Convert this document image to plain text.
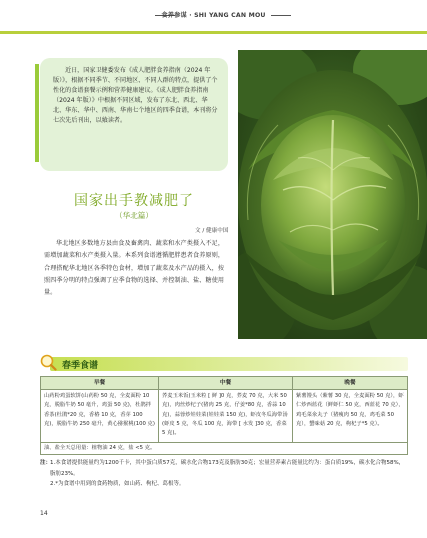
食养参谋 · SHI YANG CAN MOU

近日，国家卫健委发布《成人肥胖食养指南（2024 年版）》，根据不同季节、不同地区、不同人群的特点，提供了个性化的食谱套餐示例和营养健康建议。《成人肥胖食养指南（2024 年版）》中根据不同区域，发布了东北、西北、华北、华东、华中、西南、华南七个地区的四季食谱，本刊将分七次先后刊出，以飨读者。

国家出手教减肥了
（华北篇）
文 / 健康中国

华北地区多数地方县由食及畜禽肉、蔬菜和水产类摄入不足，需增加蔬菜和水产类摄入量。本系列食谱遵循肥胖患者食养原则，合理搭配华北地区各季特色食材，增加了蔬菜及水产品的摄入，按照四季分明的特点强调了应季食物的选择、并控制油、盐、糖使用量。

春季食谱
早餐	中餐	晚餐
山药粉鸡蛋软饼(山药粉 50 克，全麦面粉 10 克，脱脂牛奶 50 毫升，鸡蛋 50 克)，杜鹃拌香茶(杜鹃*20 克，香椿 10 克，香芽 100 克)，脱脂牛奶 250 毫升，黄心猕猴桃(100 克)	荞麦玉米饭(玉米粒 [ 鲜 ]0 克，荞麦 70 克，大米 50 克)，肉丝炒杞子(猪肉 25 克，仔姜*80 克，香蒜 10 克)，蒜蓉炒娃娃菜(娃娃菜 150 克)，虾皮冬瓜海带汤(虾皮 5 克，冬瓜 100 克，海带 [ 水发 ]30 克，香菜 5 克)。	紫薯馒头（紫薯 30 克，全麦面粉 50 克），虾仁炒西蓝花（鲜虾仁 50 克，西蓝花 70 克），鸡毛菜氽丸子（猪瘦肉 50 克，鸡毛菜 50 克），蟹味菇 20 克，枸杞子*5 克）。
油、盐全天总用量：植物油 24 克，盐 <5 克。		
注：
1.本食谱提供能量约为1200千卡，其中蛋白质57克，碳水化合物173克及脂肪30克；宏量营养素占能量比约为：蛋白质19%，碳水化合物58%，脂肪23%。
2.*为食谱中用到的食药物质，如山药、枸杞、葛根等。
14
